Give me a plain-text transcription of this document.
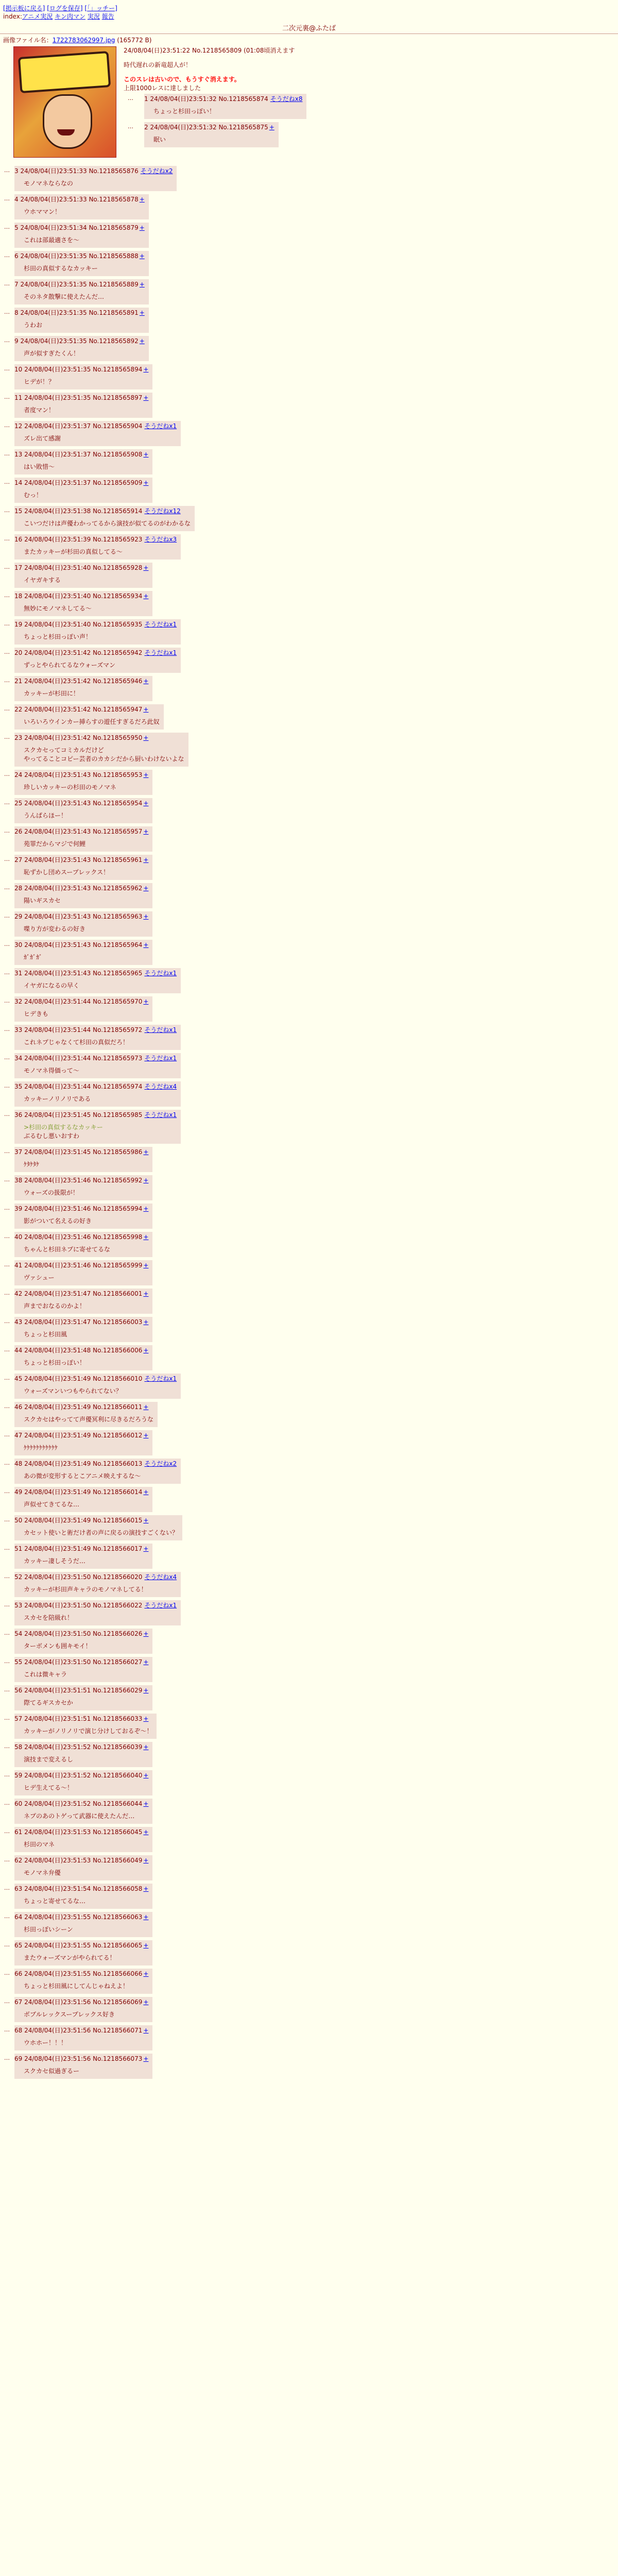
[掲示板に戻る] [ログを保存] [「」ッチー]
index:アニメ実況 キン肉マン 実況 報告
二次元裏@ふたば
画像ファイル名：1722783062997.jpg (165772 B)
24/08/04(日)23:51:22 No.1218565809 (01:08頃消えます
時代遅れの新竜超人が！
このスレは古いので、もうすぐ消えます。
上限1000レスに達しました
… 1 24/08/04(日)23:51:32 No.1218565874 そうだねx8
ちょっと杉田っぽい！
… 2 24/08/04(日)23:51:32 No.1218565875 +
眠い
… 3 24/08/04(日)23:51:33 No.1218565876 そうだねx2
モノマネならなの
… 4 24/08/04(日)23:51:33 No.1218565878 +
ウホママン！
… 5 24/08/04(日)23:51:34 No.1218565879 +
これは部最適さを～
… 6 24/08/04(日)23:51:35 No.1218565888 +
杉田の真似するなカッキー
… 7 24/08/04(日)23:51:35 No.1218565889 +
そのネタ散撃に使えたんだ…
… 8 24/08/04(日)23:51:35 No.1218565891 +
うわお
… 9 24/08/04(日)23:51:35 No.1218565892 +
声が似すぎたくん！
… 10 24/08/04(日)23:51:35 No.1218565894 +
ヒデが！？
… 11 24/08/04(日)23:51:35 No.1218565897 +
者度マン！
… 12 24/08/04(日)23:51:37 No.1218565904 そうだねx1
ズレ出て感謝
… 13 24/08/04(日)23:51:37 No.1218565908 +
はい敗惜～
… 14 24/08/04(日)23:51:37 No.1218565909 +
むっ！
… 15 24/08/04(日)23:51:38 No.1218565914 そうだねx12
こいつだけは声優わかってるから演技が似てるのがわかるな
… 16 24/08/04(日)23:51:39 No.1218565923 そうだねx3
またカッキーが杉田の真似してる～
… 17 24/08/04(日)23:51:40 No.1218565928 +
イヤガキする
… 18 24/08/04(日)23:51:40 No.1218565934 +
無妙にモノマネしてる～
… 19 24/08/04(日)23:51:40 No.1218565935 そうだねx1
ちょっと杉田っぽい声！
… 20 24/08/04(日)23:51:42 No.1218565942 そうだねx1
ずっとやられてるなウォーズマン
… 21 24/08/04(日)23:51:42 No.1218565946 +
カッキーが杉田に！
… 22 24/08/04(日)23:51:42 No.1218565947 +
いろいろウインカー挿らすの遊任すぎるだろ此奴
… 23 24/08/04(日)23:51:42 No.1218565950 +
スクカセってコミカルだけど
やってることコピー芸者のカカシだから厨いわけないよな
… 24 24/08/04(日)23:51:43 No.1218565953 +
珍しいカッキーの杉田のモノマネ
… 25 24/08/04(日)23:51:43 No.1218565954 +
うんぱらほー！
… 26 24/08/04(日)23:51:43 No.1218565957 +
苑罪だからマジで何鯉
… 27 24/08/04(日)23:51:43 No.1218565961 +
恥ずかし団めスープレックス！
… 28 24/08/04(日)23:51:43 No.1218565962 +
陽いギスカセ
… 29 24/08/04(日)23:51:43 No.1218565963 +
喋り方が変わるの好き
… 30 24/08/04(日)23:51:43 No.1218565964 +
ｶﾞｶﾞｶﾞ
… 31 24/08/04(日)23:51:43 No.1218565965 そうだねx1
イヤガになるの早く
… 32 24/08/04(日)23:51:44 No.1218565970 +
ヒデきも
… 33 24/08/04(日)23:51:44 No.1218565972 そうだねx1
これネプじゃなくて杉田の真似だろ！
… 34 24/08/04(日)23:51:44 No.1218565973 そうだねx1
モノマネ得価って～
… 35 24/08/04(日)23:51:44 No.1218565974 そうだねx4
カッキーノリノリである
… 36 24/08/04(日)23:51:45 No.1218565985 そうだねx1
>杉田の真似するなカッキー
ぶるむし悪いおすわ
… 37 24/08/04(日)23:51:45 No.1218565986 +
ｹﾀｹﾀｹ
… 38 24/08/04(日)23:51:46 No.1218565992 +
ウォーズの扱限が！
… 39 24/08/04(日)23:51:46 No.1218565994 +
影がついて名えるの好き
… 40 24/08/04(日)23:51:46 No.1218565998 +
ちゃんと杉田ネプに寄せてるな
… 41 24/08/04(日)23:51:46 No.1218565999 +
ヴァシュー
… 42 24/08/04(日)23:51:47 No.1218566001 +
声までおなるのかよ！
… 43 24/08/04(日)23:51:47 No.1218566003 +
ちょっと杉田風
… 44 24/08/04(日)23:51:48 No.1218566006 +
ちょっと杉田っぽい！
… 45 24/08/04(日)23:51:49 No.1218566010 そうだねx1
ウォーズマンいつもやられてない？
… 46 24/08/04(日)23:51:49 No.1218566011 +
スクカセはやってて声優冥利に尽きるだろうな
… 47 24/08/04(日)23:51:49 No.1218566012 +
ｹｹｹｹｹｹｹｹｹｹｹ
… 48 24/08/04(日)23:51:49 No.1218566013 そうだねx2
あの微が変形するとこアニメ映えするな～
… 49 24/08/04(日)23:51:49 No.1218566014 +
声似せてきてるな…
… 50 24/08/04(日)23:51:49 No.1218566015 +
カセット使いと術だけ者の声に戻るの演技すごくない？
… 51 24/08/04(日)23:51:49 No.1218566017 +
カッキー凄しそうだ…
… 52 24/08/04(日)23:51:50 No.1218566020 そうだねx4
カッキーが杉田声キャラのモノマネしてる！
… 53 24/08/04(日)23:51:50 No.1218566022 そうだねx1
スカセを陪級れ！
… 54 24/08/04(日)23:51:50 No.1218566026 +
ターボメンも囲キモイ！
… 55 24/08/04(日)23:51:50 No.1218566027 +
これは微キャラ
… 56 24/08/04(日)23:51:51 No.1218566029 +
際てるギスカセか
… 57 24/08/04(日)23:51:51 No.1218566033 +
カッキーがノリノリで演じ分けしておるぞ～！
… 58 24/08/04(日)23:51:52 No.1218566039 +
演技まで変えるし
… 59 24/08/04(日)23:51:52 No.1218566040 +
ヒデ生えてる～！
… 60 24/08/04(日)23:51:52 No.1218566044 +
ネプのあのトゲって武器に使えたんだ…
… 61 24/08/04(日)23:51:53 No.1218566045 +
杉田のマネ
… 62 24/08/04(日)23:51:53 No.1218566049 +
モノマネ弁優
… 63 24/08/04(日)23:51:54 No.1218566058 +
ちょっと寄せてるな…
… 64 24/08/04(日)23:51:55 No.1218566063 +
杉田っぽいシーン
… 65 24/08/04(日)23:51:55 No.1218566065 +
またウォーズマンがやられてる！
… 66 24/08/04(日)23:51:55 No.1218566066 +
ちょっと杉田風にしてんじゃねえよ！
… 67 24/08/04(日)23:51:56 No.1218566069 +
ボブルレックスープレックス好き
… 68 24/08/04(日)23:51:56 No.1218566071 +
ウホホー！！！
… 69 24/08/04(日)23:51:56 No.1218566073 +
スクカセ似過ぎるー
